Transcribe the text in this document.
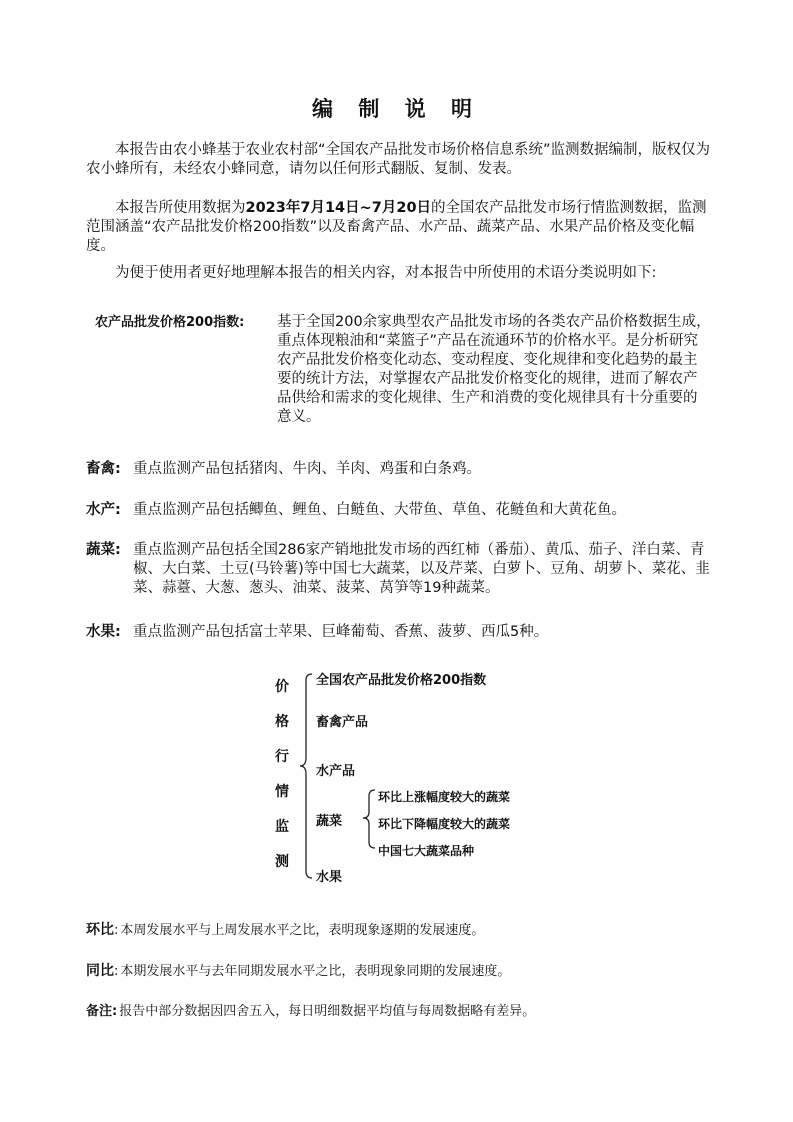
编 制 说 明

本报告由农小蜂基于农业农村部“全国农产品批发市场价格信息系统”监测数据编制，版权仅为农小蜂所有，未经农小蜂同意，请勿以任何形式翻版、复制、发表。

本报告所使用数据为2023年7月14日~7月20日的全国农产品批发市场行情监测数据，监测范围涵盖“农产品批发价格200指数”以及畜禽产品、水产品、蔬菜产品、水果产品价格及变化幅度。

为便于使用者更好地理解本报告的相关内容，对本报告中所使用的术语分类说明如下:

农产品批发价格200指数: 基于全国200余家典型农产品批发市场的各类农产品价格数据生成，重点体现粮油和“菜篮子”产品在流通环节的价格水平。是分析研究农产品批发价格变化动态、变动程度、变化规律和变化趋势的最主要的统计方法，对掌握农产品批发价格变化的规律，进而了解农产品供给和需求的变化规律、生产和消费的变化规律具有十分重要的意义。
畜禽: 重点监测产品包括猪肉、牛肉、羊肉、鸡蛋和白条鸡。
水产: 重点监测产品包括鲫鱼、鲤鱼、白鲢鱼、大带鱼、草鱼、花鲢鱼和大黄花鱼。
蔬菜: 重点监测产品包括全国286家产销地批发市场的西红柿（番茄）、黄瓜、茄子、洋白菜、青椒、大白菜、土豆(马铃薯)等中国七大蔬菜，以及芹菜、白萝卜、豆角、胡萝卜、菜花、韭菜、蒜薹、大葱、葱头、油菜、菠菜、莴笋等19种蔬菜。
水果: 重点监测产品包括富士苹果、巨峰葡萄、香蕉、菠萝、西瓜5种。
价
格
行
情
监
测
全国农产品批发价格200指数
畜禽产品
水产品
蔬菜
水果
环比上涨幅度较大的蔬菜
环比下降幅度较大的蔬菜
中国七大蔬菜品种
环比: 本周发展水平与上周发展水平之比，表明现象逐期的发展速度。
同比: 本期发展水平与去年同期发展水平之比，表明现象同期的发展速度。
备注: 报告中部分数据因四舍五入，每日明细数据平均值与每周数据略有差异。
